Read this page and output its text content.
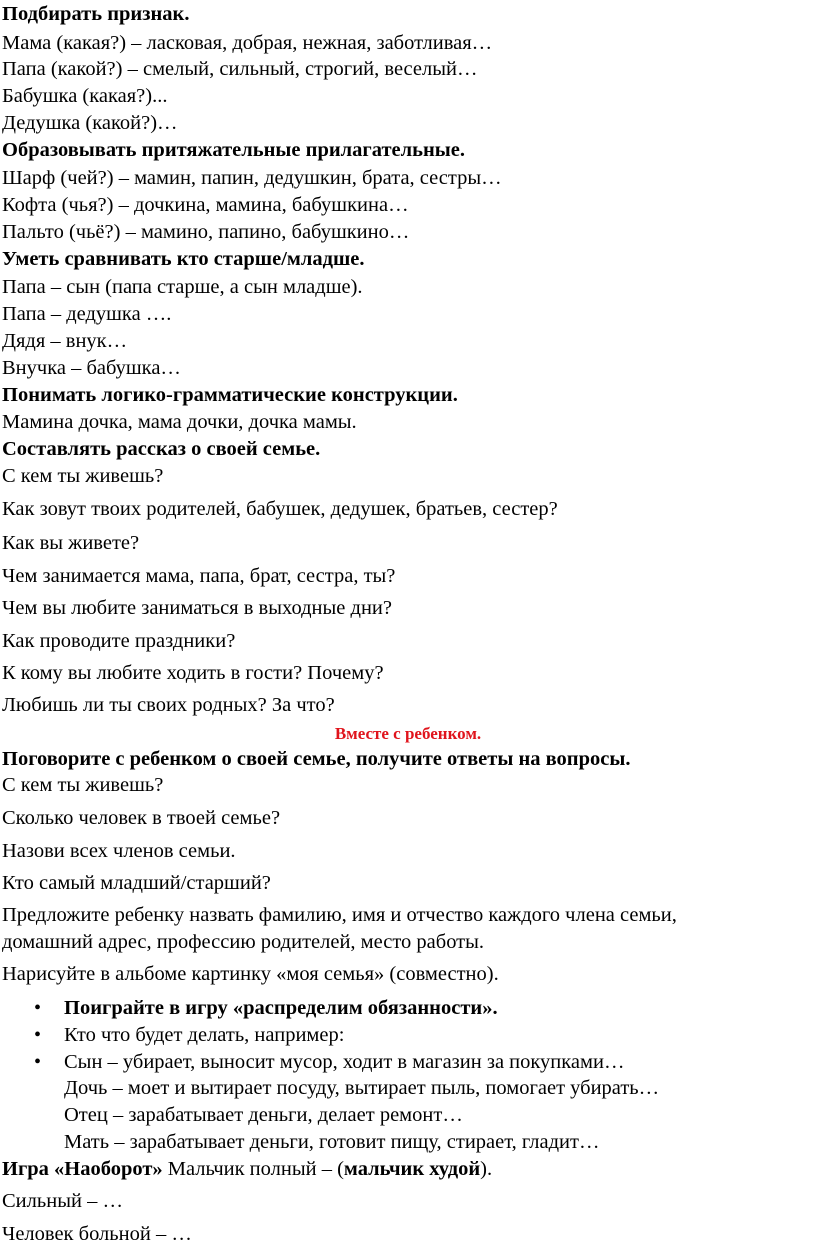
Подбирать признак.
Мама (какая?) – ласковая, добрая, нежная, заботливая…
Папа (какой?) – смелый, сильный, строгий, веселый…
Бабушка (какая?)...
Дедушка (какой?)…
Образовывать притяжательные прилагательные.
Шарф (чей?) – мамин, папин, дедушкин, брата, сестры…
Кофта (чья?) – дочкина, мамина, бабушкина…
Пальто (чьё?) – мамино, папино, бабушкино…
Уметь сравнивать кто старше/младше.
Папа – сын (папа старше, а сын младше).
Папа – дедушка ….
Дядя – внук…
Внучка – бабушка…
Понимать логико-грамматические конструкции.
Мамина дочка, мама дочки, дочка мамы.
Составлять рассказ о своей семье.
С кем ты живешь?
Как зовут твоих родителей, бабушек, дедушек, братьев, сестер?
Как вы живете?
Чем занимается мама, папа, брат, сестра, ты?
Чем вы любите заниматься в выходные дни?
Как проводите праздники?
К кому вы любите ходить в гости? Почему?
Любишь ли ты своих родных? За что?
Вместе с ребенком.
Поговорите с ребенком о своей семье, получите ответы на вопросы.
С кем ты живешь?
Сколько человек в твоей семье?
Назови всех членов семьи.
Кто самый младший/старший?
Предложите ребенку назвать фамилию, имя и отчество каждого члена семьи,
домашний адрес, профессию родителей, место работы.
Нарисуйте в альбоме картинку «моя семья» (совместно).
• Поиграйте в игру «распределим обязанности».
• Кто что будет делать, например:
• Сын – убирает, выносит мусор, ходит в магазин за покупками…
Дочь – моет и вытирает посуду, вытирает пыль, помогает убирать…
Отец – зарабатывает деньги, делает ремонт…
Мать – зарабатывает деньги, готовит пищу, стирает, гладит…
Игра «Наоборот» Мальчик полный – (мальчик худой).
Сильный – …
Человек больной – …
